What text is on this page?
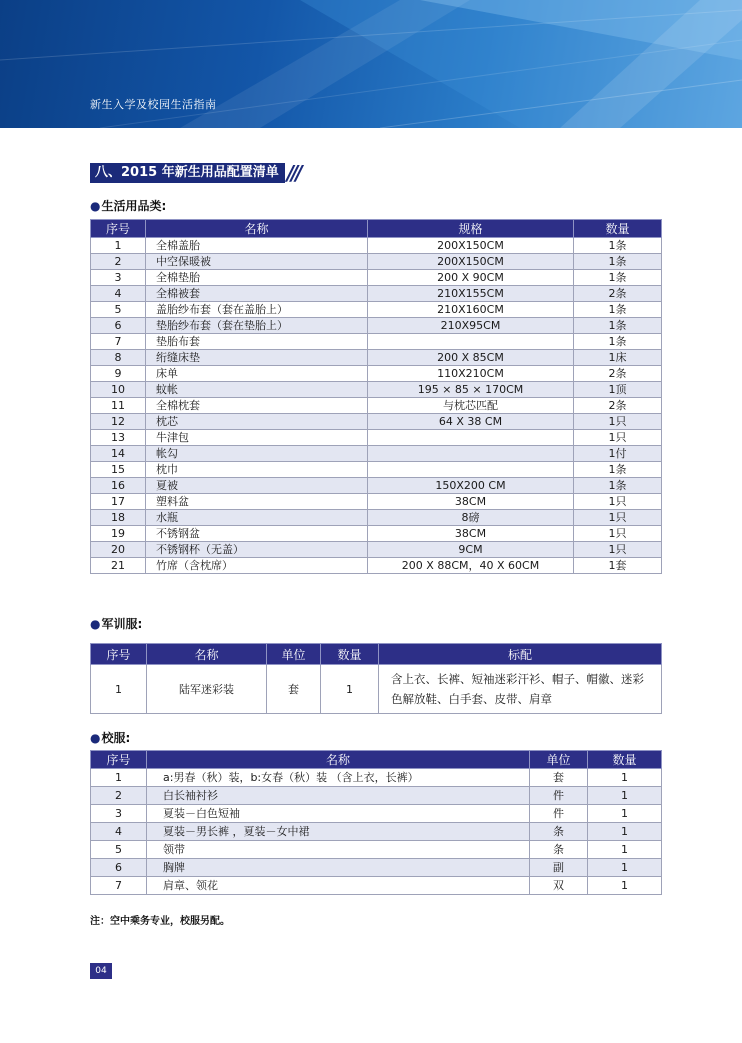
新生入学及校园生活指南
八、2015 年新生用品配置清单 ///
●生活用品类:
序号	名称	规格	数量
1	全棉盖胎	200X150CM	1条
2	中空保暖被	200X150CM	1条
3	全棉垫胎	200 X 90CM	1条
4	全棉被套	210X155CM	2条
5	盖胎纱布套（套在盖胎上）	210X160CM	1条
6	垫胎纱布套（套在垫胎上）	210X95CM	1条
7	垫胎布套		1条
8	绗缝床垫	200 X 85CM	1床
9	床单	110X210CM	2条
10	蚊帐	195 × 85 × 170CM	1顶
11	全棉枕套	与枕芯匹配	2条
12	枕芯	64 X 38 CM	1只
13	牛津包		1只
14	帐勾		1付
15	枕巾		1条
16	夏被	150X200 CM	1条
17	塑料盆	38CM	1只
18	水瓶	8磅	1只
19	不锈钢盆	38CM	1只
20	不锈钢杯（无盖）	9CM	1只
21	竹席（含枕席）	200 X 88CM，40 X 60CM	1套
●军训服:
序号	名称	单位	数量	标配
1	陆军迷彩装	套	1	含上衣、长裤、短袖迷彩汗衫、帽子、帽徽、迷彩色解放鞋、白手套、皮带、肩章
●校服:
序号	名称	单位	数量
1	a:男春（秋）装，b:女春（秋）装 （含上衣，长裤）	套	1
2	白长袖衬衫	件	1
3	夏装－白色短袖	件	1
4	夏装－男长裤 ，夏装－女中裙	条	1
5	领带	条	1
6	胸牌	副	1
7	肩章、领花	双	1
注：空中乘务专业，校服另配。
04
